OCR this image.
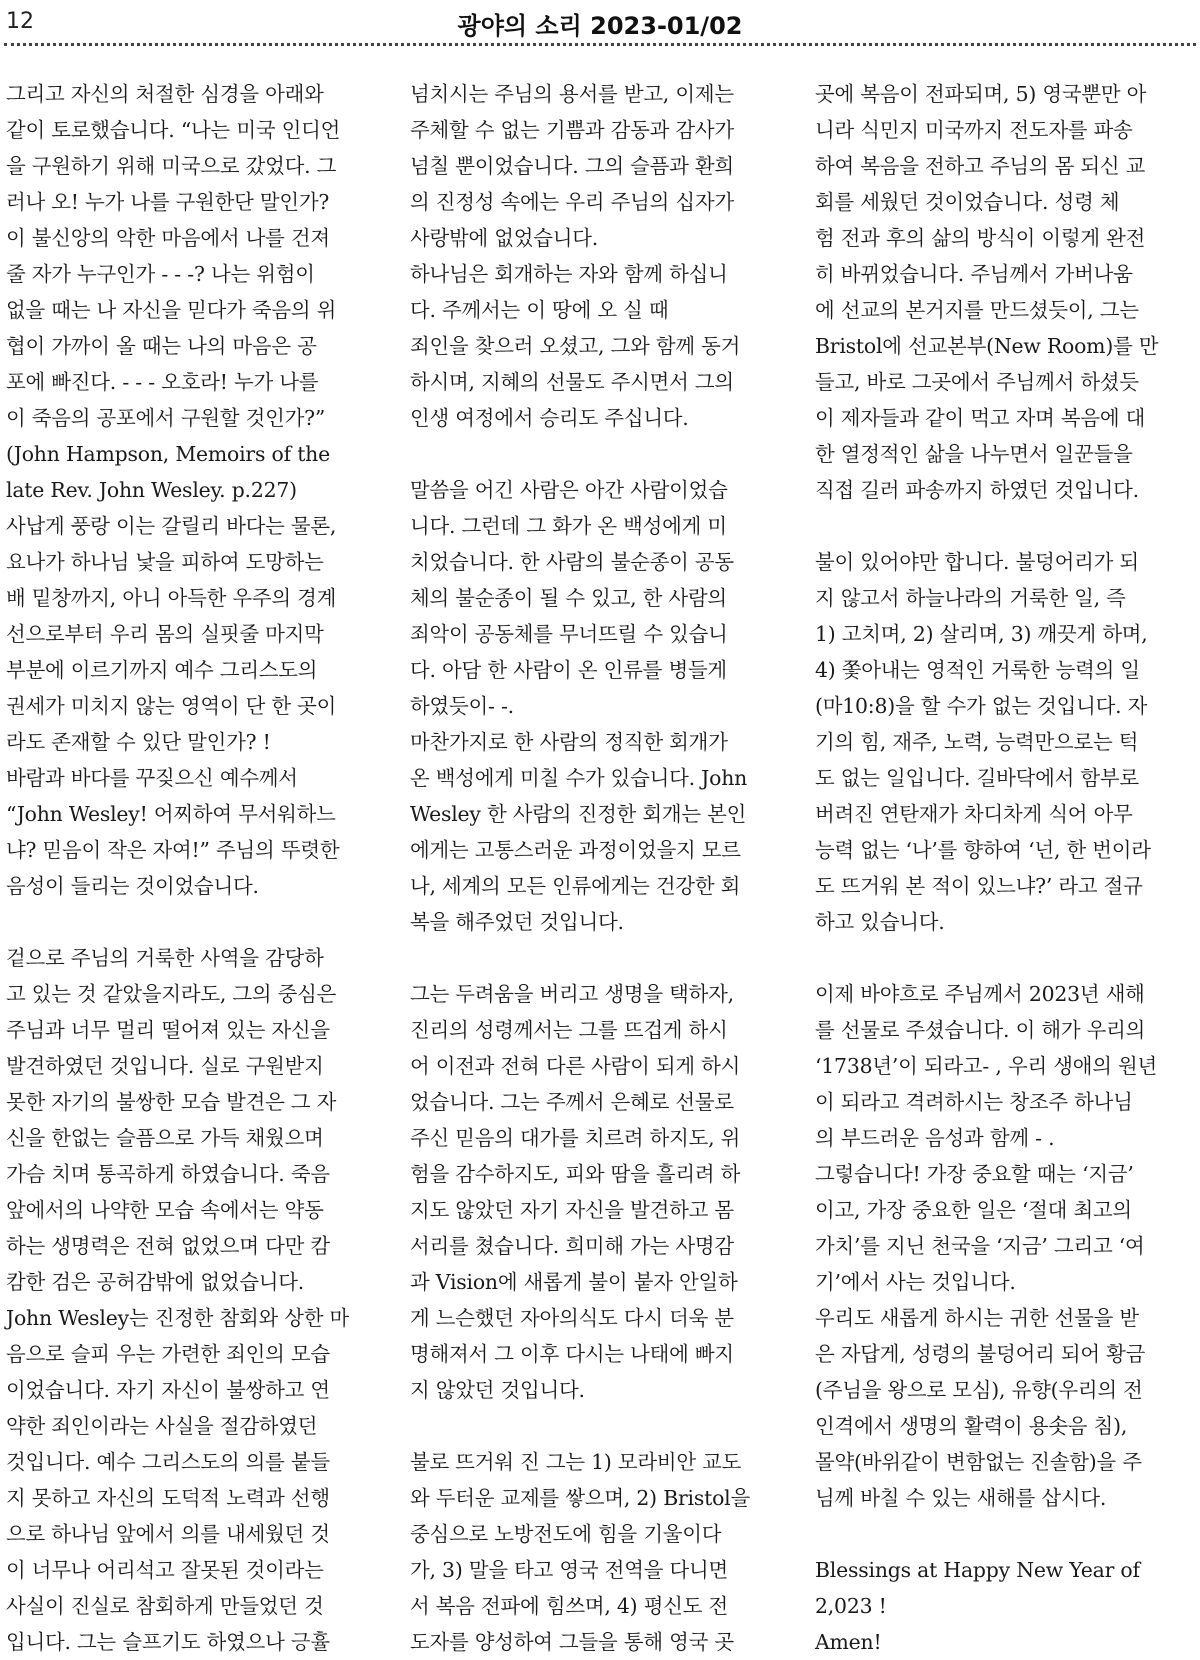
12	광야의 소리 2023-01/02

그리고 자신의 처절한 심경을 아래와

같이 토로했습니다. “나는 미국 인디언

을 구원하기 위해 미국으로 갔었다. 그

러나 오! 누가 나를 구원한단 말인가?

이 불신앙의 악한 마음에서 나를 건져

줄 자가 누구인가 - - -? 나는 위험이

없을 때는 나 자신을 믿다가 죽음의 위

협이 가까이 올 때는 나의 마음은 공

포에 빠진다. - - - 오호라! 누가 나를

이 죽음의 공포에서 구원할 것인가?”

(John Hampson, Memoirs of the

late Rev. John Wesley. p.227)

사납게 풍랑 이는 갈릴리 바다는 물론,

요나가 하나님 낯을 피하여 도망하는

배 밑창까지, 아니 아득한 우주의 경계

선으로부터 우리 몸의 실핏줄 마지막

부분에 이르기까지 예수 그리스도의

권세가 미치지 않는 영역이 단 한 곳이

라도 존재할 수 있단 말인가? !

바람과 바다를 꾸짖으신 예수께서

“John Wesley! 어찌하여 무서워하느

냐? 믿음이 작은 자여!” 주님의 뚜렷한

음성이 들리는 것이었습니다.

겉으로 주님의 거룩한 사역을 감당하

고 있는 것 같았을지라도, 그의 중심은

주님과 너무 멀리 떨어져 있는 자신을

발견하였던 것입니다. 실로 구원받지

못한 자기의 불쌍한 모습 발견은 그 자

신을 한없는 슬픔으로 가득 채웠으며

가슴 치며 통곡하게 하였습니다. 죽음

앞에서의 나약한 모습 속에서는 약동

하는 생명력은 전혀 없었으며 다만 캄

캄한 검은 공허감밖에 없었습니다.

John Wesley는 진정한 참회와 상한 마

음으로 슬피 우는 가련한 죄인의 모습

이었습니다. 자기 자신이 불쌍하고 연

약한 죄인이라는 사실을 절감하였던

것입니다. 예수 그리스도의 의를 붙들

지 못하고 자신의 도덕적 노력과 선행

으로 하나님 앞에서 의를 내세웠던 것

이 너무나 어리석고 잘못된 것이라는

사실이 진실로 참회하게 만들었던 것

입니다. 그는 슬프기도 하였으나 긍휼

넘치시는 주님의 용서를 받고, 이제는

주체할 수 없는 기쁨과 감동과 감사가

넘칠 뿐이었습니다. 그의 슬픔과 환희

의 진정성 속에는 우리 주님의 십자가

사랑밖에 없었습니다.

하나님은 회개하는 자와 함께 하십니

다. 주께서는 이 땅에 오 실 때

죄인을 찾으러 오셨고, 그와 함께 동거

하시며, 지혜의 선물도 주시면서 그의

인생 여정에서 승리도 주십니다.

말씀을 어긴 사람은 아간 사람이었습

니다. 그런데 그 화가 온 백성에게 미

치었습니다. 한 사람의 불순종이 공동

체의 불순종이 될 수 있고, 한 사람의

죄악이 공동체를 무너뜨릴 수 있습니

다. 아담 한 사람이 온 인류를 병들게

하였듯이- -.

마찬가지로 한 사람의 정직한 회개가

온 백성에게 미칠 수가 있습니다. John

Wesley 한 사람의 진정한 회개는 본인

에게는 고통스러운 과정이었을지 모르

나, 세계의 모든 인류에게는 건강한 회

복을 해주었던 것입니다.

그는 두려움을 버리고 생명을 택하자,

진리의 성령께서는 그를 뜨겁게 하시

어 이전과 전혀 다른 사람이 되게 하시

었습니다. 그는 주께서 은혜로 선물로

주신 믿음의 대가를 치르려 하지도, 위

험을 감수하지도, 피와 땀을 흘리려 하

지도 않았던 자기 자신을 발견하고 몸

서리를 쳤습니다. 희미해 가는 사명감

과 Vision에 새롭게 불이 붙자 안일하

게 느슨했던 자아의식도 다시 더욱 분

명해져서 그 이후 다시는 나태에 빠지

지 않았던 것입니다.

불로 뜨거워 진 그는 1) 모라비안 교도

와 두터운 교제를 쌓으며, 2) Bristol을

중심으로 노방전도에 힘을 기울이다

가, 3) 말을 타고 영국 전역을 다니면

서 복음 전파에 힘쓰며, 4) 평신도 전

도자를 양성하여 그들을 통해 영국 곳

곳에 복음이 전파되며, 5) 영국뿐만 아

니라 식민지 미국까지 전도자를 파송

하여 복음을 전하고 주님의 몸 되신 교

회를 세웠던 것이었습니다. 성령 체

험 전과 후의 삶의 방식이 이렇게 완전

히 바뀌었습니다. 주님께서 가버나움

에 선교의 본거지를 만드셨듯이, 그는

Bristol에 선교본부(New Room)를 만

들고, 바로 그곳에서 주님께서 하셨듯

이 제자들과 같이 먹고 자며 복음에 대

한 열정적인 삶을 나누면서 일꾼들을

직접 길러 파송까지 하였던 것입니다.

불이 있어야만 합니다. 불덩어리가 되

지 않고서 하늘나라의 거룩한 일, 즉

1) 고치며, 2) 살리며, 3) 깨끗게 하며,

4) 쫓아내는 영적인 거룩한 능력의 일

(마10:8)을 할 수가 없는 것입니다. 자

기의 힘, 재주, 노력, 능력만으로는 턱

도 없는 일입니다. 길바닥에서 함부로

버려진 연탄재가 차디차게 식어 아무

능력 없는 ‘나’를 향하여 ‘넌, 한 번이라

도 뜨거워 본 적이 있느냐?’ 라고 절규

하고 있습니다.

이제 바야흐로 주님께서 2023년 새해

를 선물로 주셨습니다. 이 해가 우리의

‘1738년’이 되라고- , 우리 생애의 원년

이 되라고 격려하시는 창조주 하나님

의 부드러운 음성과 함께 - .

그렇습니다! 가장 중요할 때는 ‘지금’

이고, 가장 중요한 일은 ‘절대 최고의

가치’를 지닌 천국을 ‘지금’ 그리고 ‘여

기’에서 사는 것입니다.

우리도 새롭게 하시는 귀한 선물을 받

은 자답게, 성령의 불덩어리 되어 황금

(주님을 왕으로 모심), 유향(우리의 전

인격에서 생명의 활력이 용솟음 침),

몰약(바위같이 변함없는 진솔함)을 주

님께 바칠 수 있는 새해를 삽시다.

Blessings at Happy New Year of

2,023 !

Amen!
